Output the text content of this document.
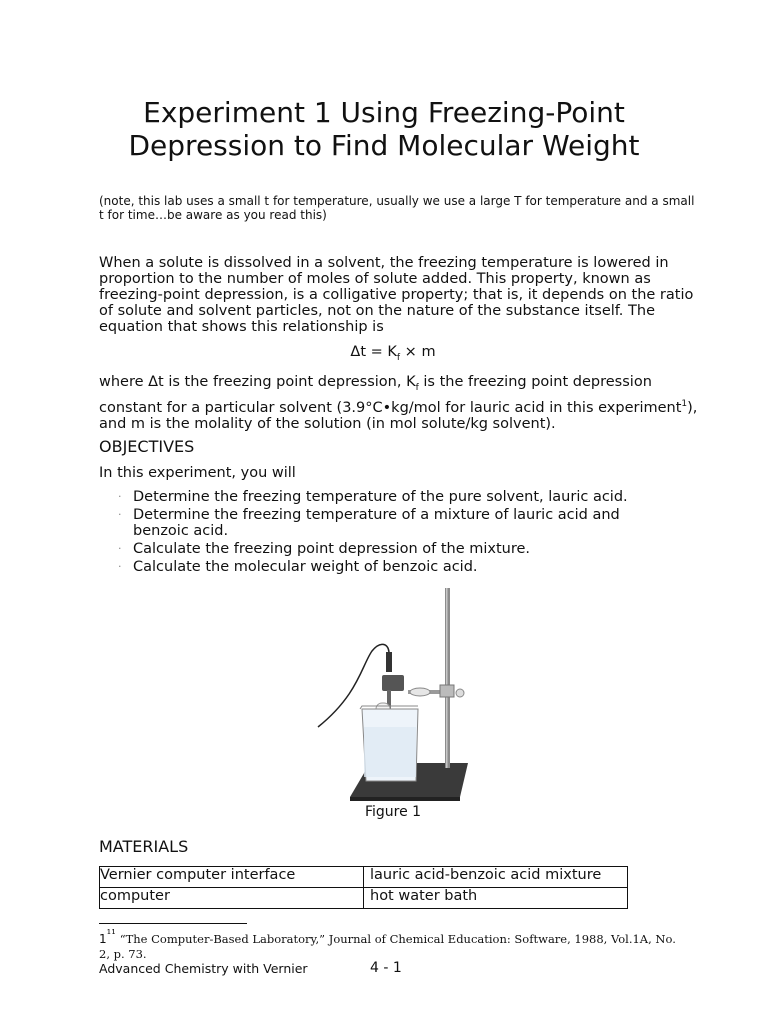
Experiment 1 Using Freezing-Point
Depression to Find Molecular Weight
(note, this lab uses a small t for temperature, usually we use a large T for temperature and a small t for time…be aware as you read this)
When a solute is dissolved in a solvent, the freezing temperature is lowered in proportion to the number of moles of solute added. This property, known as freezing-point depression, is a colligative property; that is, it depends on the ratio of solute and solvent particles, not on the nature of the substance itself. The equation that shows this relationship is
$\Delta t = K_f \times m$
where Δt is the freezing point depression, $K_f$ is the freezing point depression constant for a particular solvent (3.9°C•kg/mol for lauric acid in this experiment$^1$), and m is the molality of the solution (in mol solute/kg solvent).
OBJECTIVES
In this experiment, you will
· Determine the freezing temperature of the pure solvent, lauric acid.
· Determine the freezing temperature of a mixture of lauric acid and benzoic acid.
· Calculate the freezing point depression of the mixture.
· Calculate the molecular weight of benzoic acid.
Figure 1
MATERIALS
Vernier computer interface	lauric acid-benzoic acid mixture
computer	hot water bath
$1^{^{11}}$ “The Computer-Based Laboratory,” Journal of Chemical Education: Software, 1988, Vol.1A, No. 2, p. 73.
Advanced Chemistry with Vernier	4 - 1
